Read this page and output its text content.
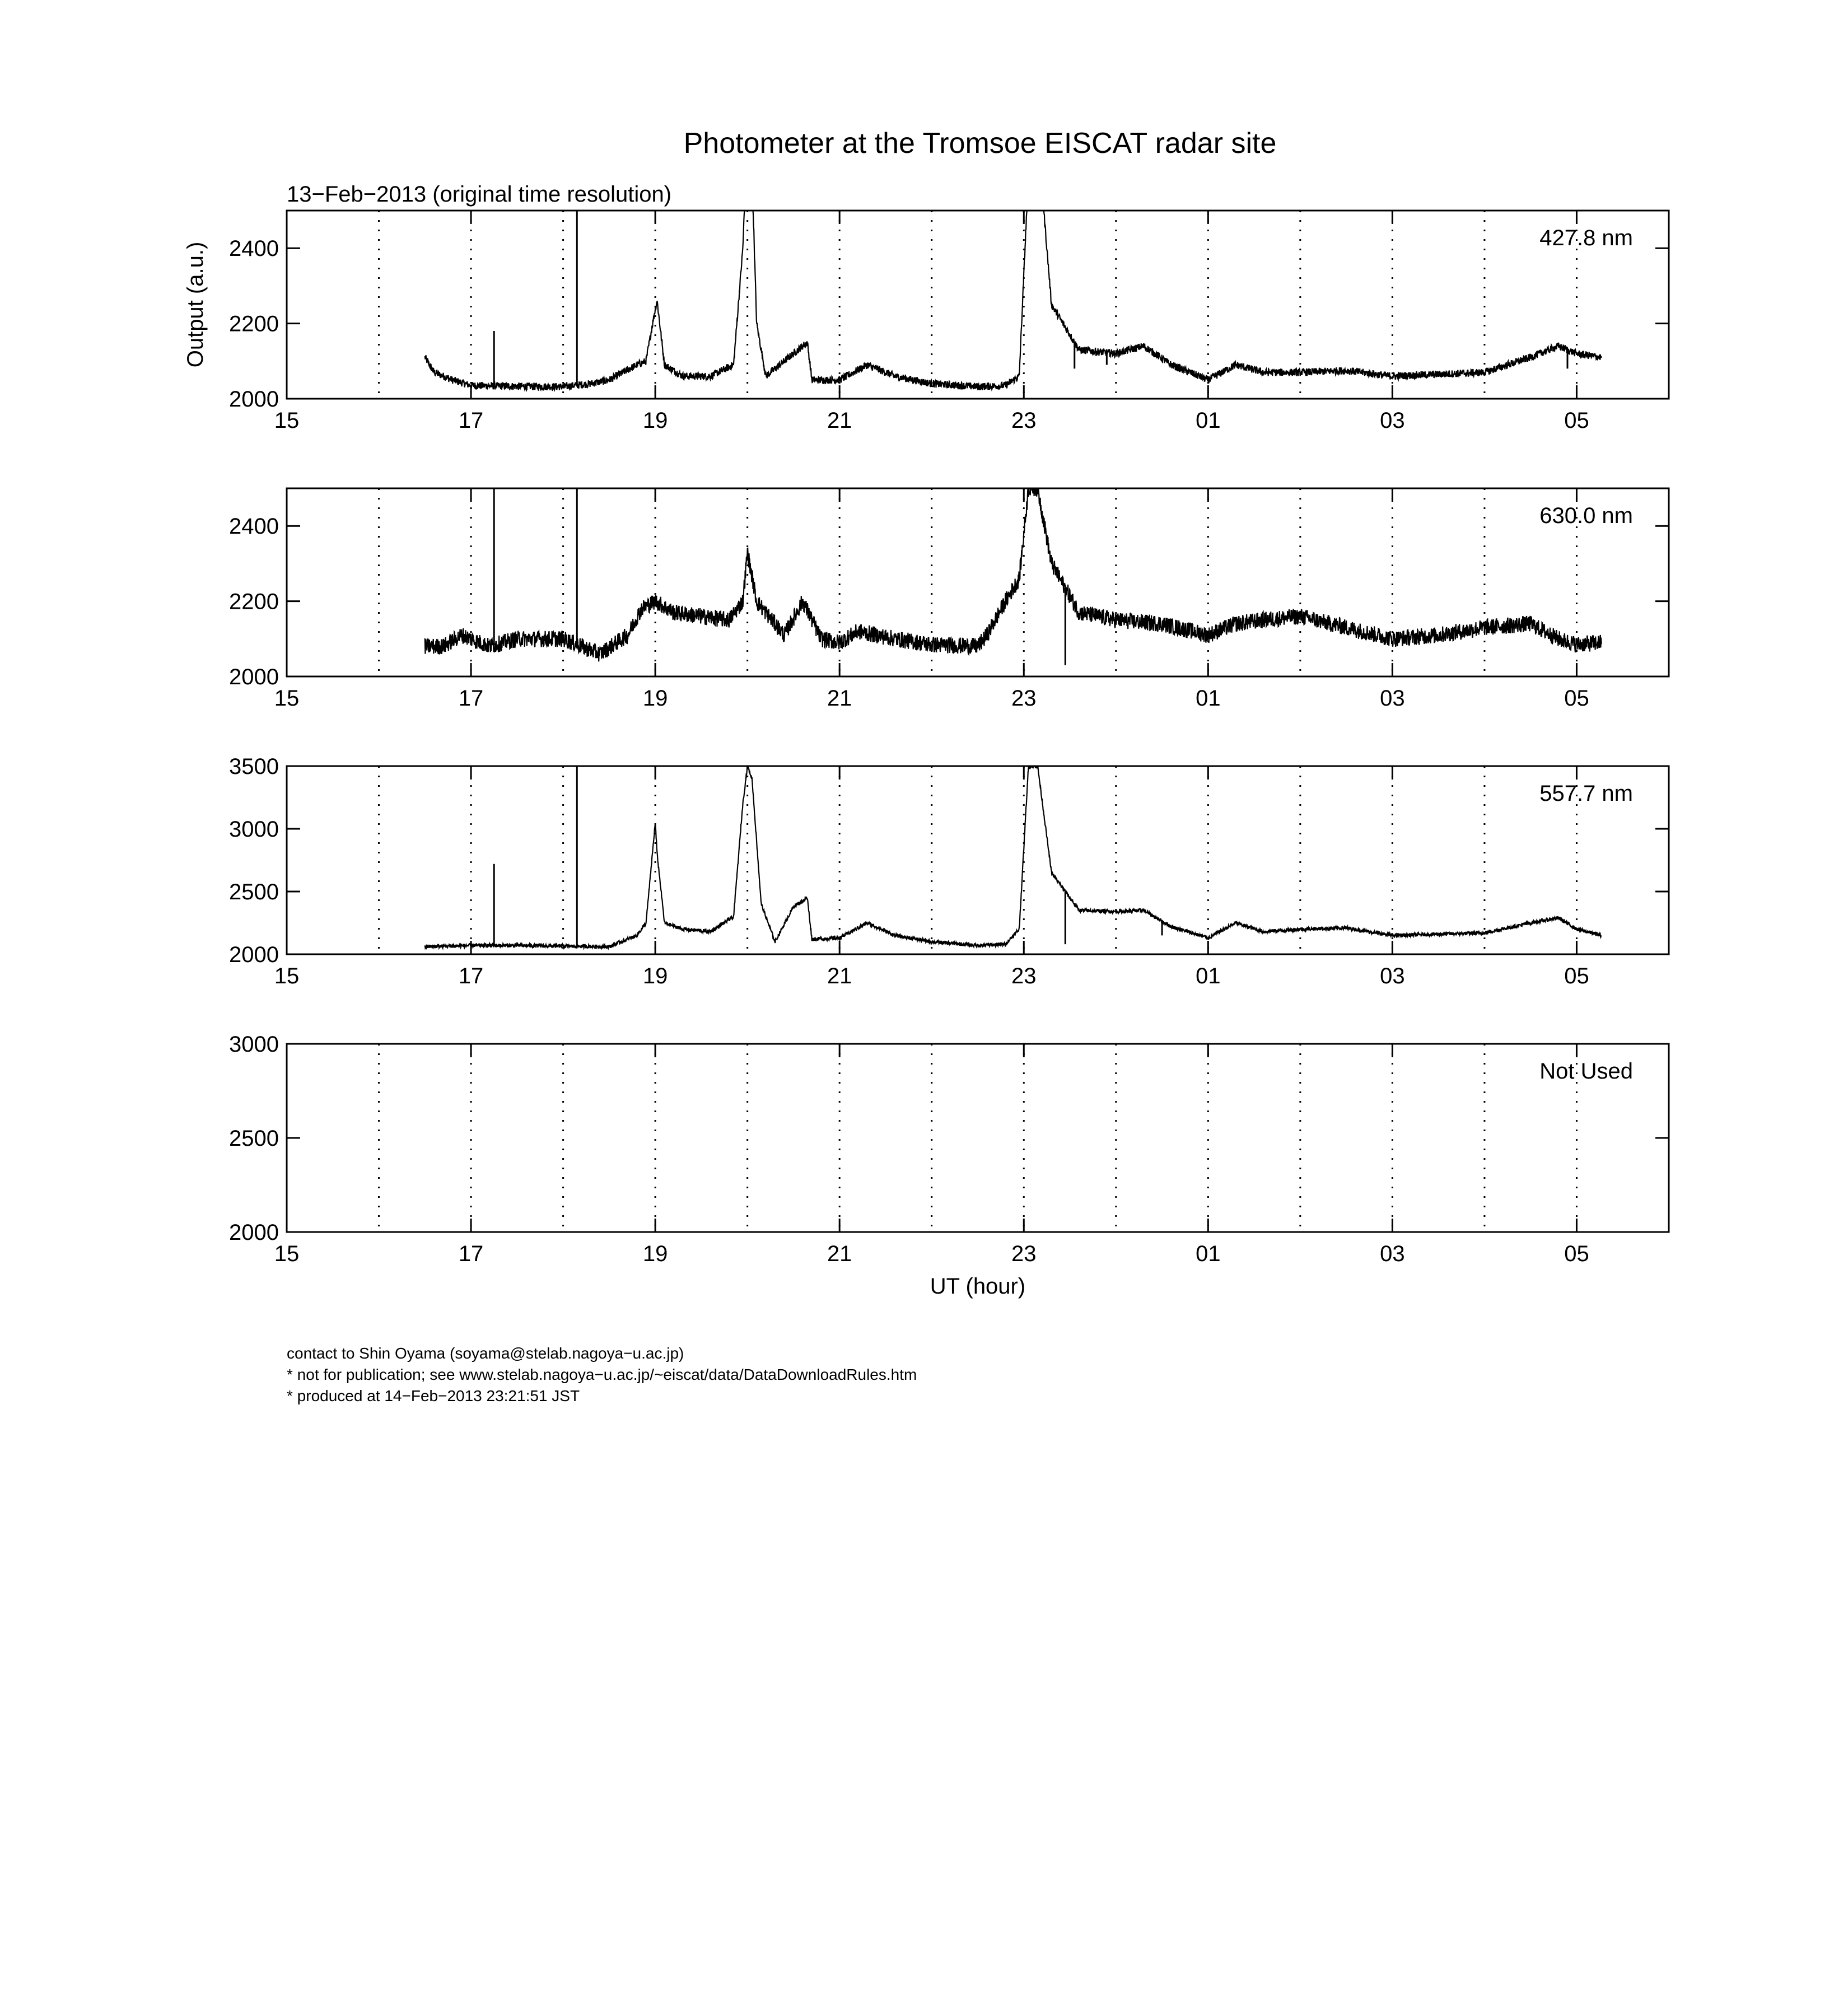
Photometer at the Tromsoe EISCAT radar site
13−Feb−2013 (original time resolution)
2000
2200
2400
15	17	19	21	23	01	03	05
427.8 nm
Output (a.u.)
2000
2200
2400
15	17	19	21	23	01	03	05
630.0 nm
2000
2500
3000
3500
15	17	19	21	23	01	03	05
557.7 nm
2000
2500
3000
15	17	19	21	23	01	03	05
Not Used
UT (hour)
contact to Shin Oyama (soyama@stelab.nagoya−u.ac.jp)
* not for publication; see www.stelab.nagoya−u.ac.jp/~eiscat/data/DataDownloadRules.htm
* produced at 14−Feb−2013 23:21:51 JST
